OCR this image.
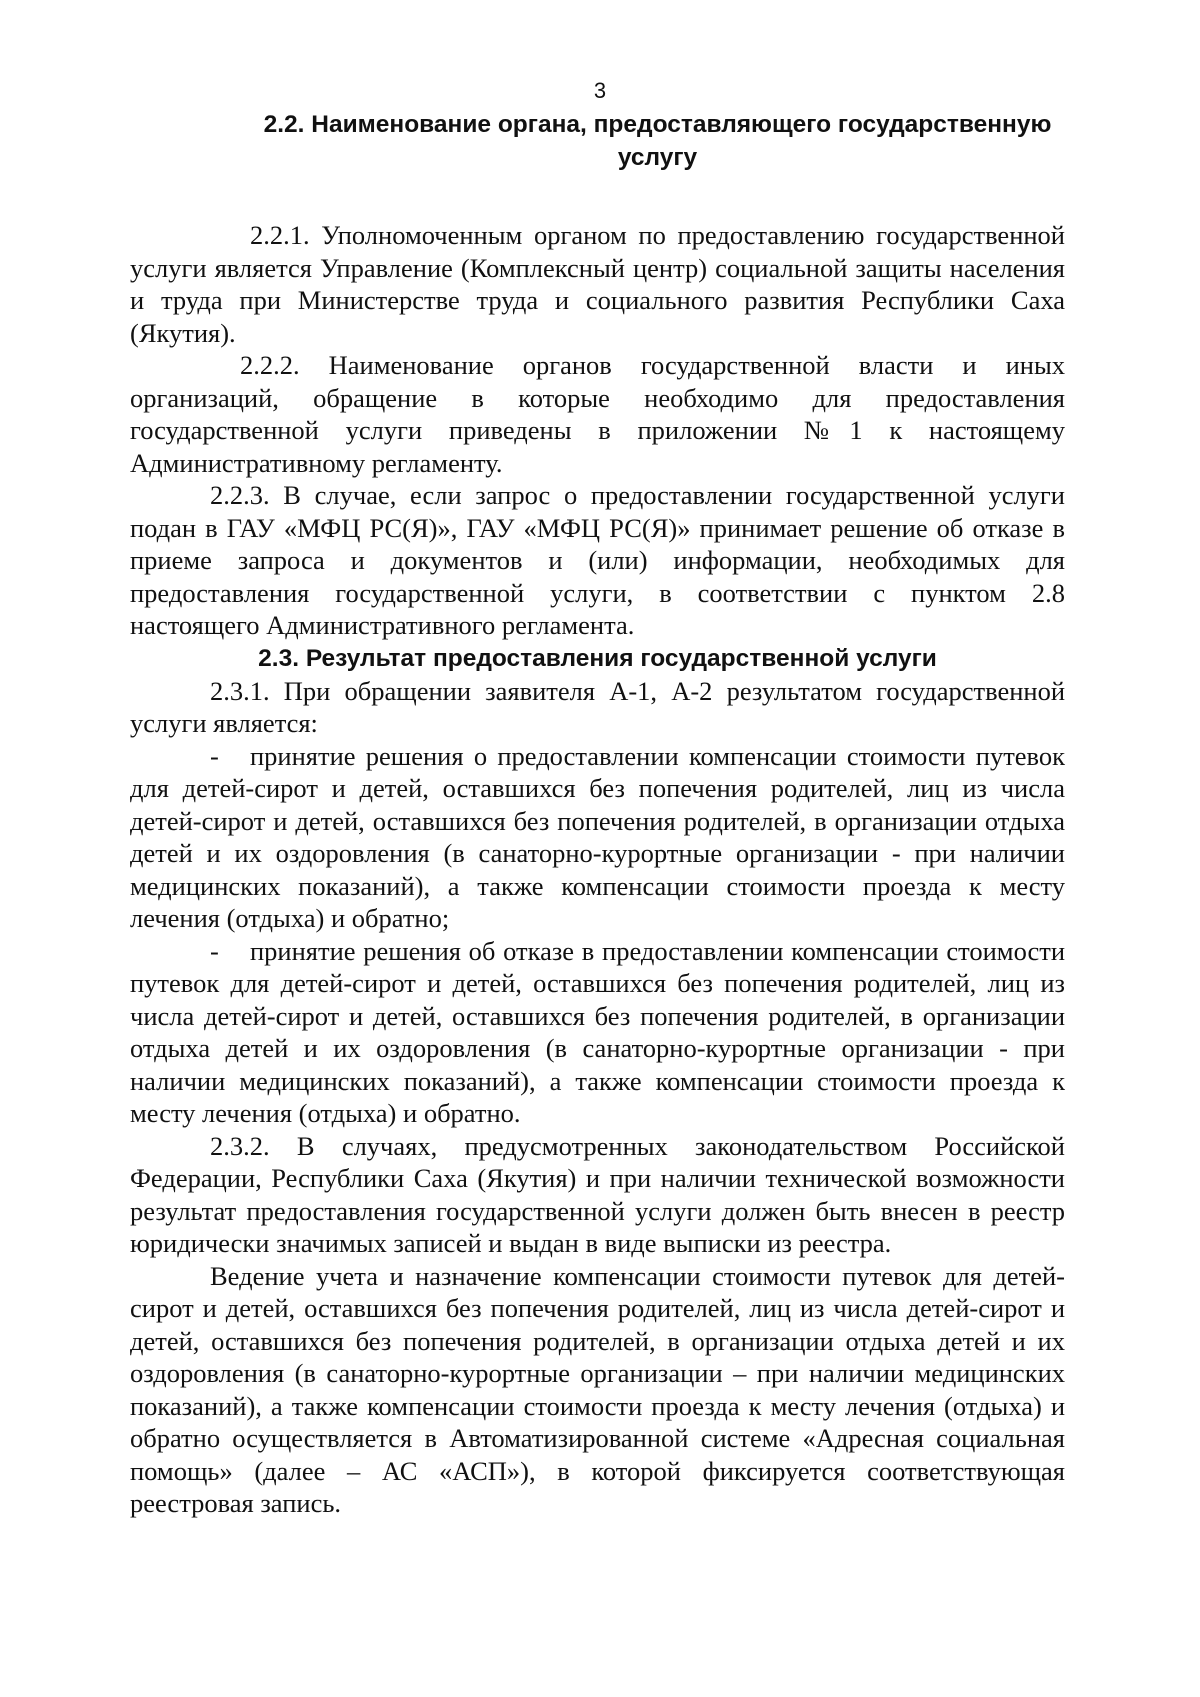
3
2.2. Наименование органа, предоставляющего государственную услугу

2.2.1. Уполномоченным органом по предоставлению государственной услуги является Управление (Комплексный центр) социальной защиты населения и труда при Министерстве труда и социального развития Республики Саха (Якутия).

2.2.2. Наименование органов государственной власти и иных организаций, обращение в которые необходимо для предоставления государственной услуги приведены в приложении №1 к настоящему Административному регламенту.

2.2.3. В случае, если запрос о предоставлении государственной услуги подан в ГАУ «МФЦ РС(Я)», ГАУ «МФЦ РС(Я)» принимает решение об отказе в приеме запроса и документов и (или) информации, необходимых для предоставления государственной услуги, в соответствии с пунктом 2.8 настоящего Административного регламента.

2.3. Результат предоставления государственной услуги

2.3.1. При обращении заявителя А-1, А-2 результатом государственной услуги является:

- принятие решения о предоставлении компенсации стоимости путевок для детей-сирот и детей, оставшихся без попечения родителей, лиц из числа детей-сирот и детей, оставшихся без попечения родителей, в организации отдыха детей и их оздоровления (в санаторно-курортные организации - при наличии медицинских показаний), а также компенсации стоимости проезда к месту лечения (отдыха) и обратно;

- принятие решения об отказе в предоставлении компенсации стоимости путевок для детей-сирот и детей, оставшихся без попечения родителей, лиц из числа детей-сирот и детей, оставшихся без попечения родителей, в организации отдыха детей и их оздоровления (в санаторно-курортные организации - при наличии медицинских показаний), а также компенсации стоимости проезда к месту лечения (отдыха) и обратно.

2.3.2. В случаях, предусмотренных законодательством Российской Федерации, Республики Саха (Якутия) и при наличии технической возможности результат предоставления государственной услуги должен быть внесен в реестр юридически значимых записей и выдан в виде выписки из реестра.

Ведение учета и назначение компенсации стоимости путевок для детей-сирот и детей, оставшихся без попечения родителей, лиц из числа детей-сирот и детей, оставшихся без попечения родителей, в организации отдыха детей и их оздоровления (в санаторно-курортные организации – при наличии медицинских показаний), а также компенсации стоимости проезда к месту лечения (отдыха) и обратно осуществляется в Автоматизированной системе «Адресная социальная помощь» (далее – АС «АСП»), в которой фиксируется соответствующая реестровая запись.
